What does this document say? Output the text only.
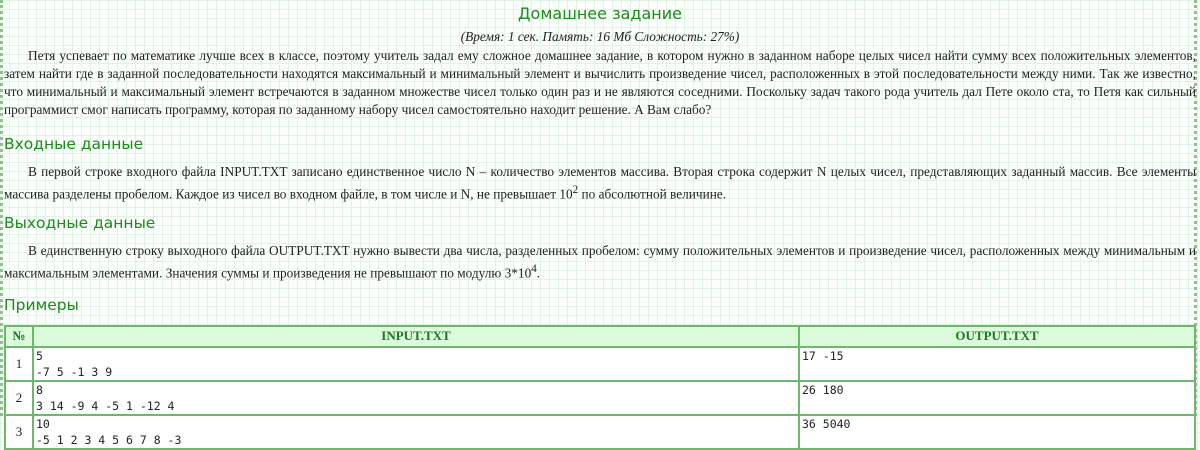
Домашнее задание
(Время: 1 сек. Память: 16 Мб Сложность: 27%)

Петя успевает по математике лучше всех в классе, поэтому учитель задал ему сложное домашнее задание, в котором нужно в заданном наборе целых чисел найти сумму всех положительных элементов, затем найти где в заданной последовательности находятся максимальный и минимальный элемент и вычислить произведение чисел, расположенных в этой последовательности между ними. Так же известно, что минимальный и максимальный элемент встречаются в заданном множестве чисел только один раз и не являются соседними. Поскольку задач такого рода учитель дал Пете около ста, то Петя как сильный программист смог написать программу, которая по заданному набору чисел самостоятельно находит решение. А Вам слабо?

Входные данные

В первой строке входного файла INPUT.TXT записано единственное число N – количество элементов массива. Вторая строка содержит N целых чисел, представляющих заданный массив. Все элементы массива разделены пробелом. Каждое из чисел во входном файле, в том числе и N, не превышает $10^2$ по абсолютной величине.

Выходные данные

В единственную строку выходного файла OUTPUT.TXT нужно вывести два числа, разделенных пробелом: сумму положительных элементов и произведение чисел, расположенных между минимальным и максимальным элементами. Значения суммы и произведения не превышают по модулю $3*10^4$.

Примеры
№	INPUT.TXT	OUTPUT.TXT
1	5
-7 5 -1 3 9	17 -15
2	8
3 14 -9 4 -5 1 -12 4	26 180
3	10
-5 1 2 3 4 5 6 7 8 -3	36 5040
